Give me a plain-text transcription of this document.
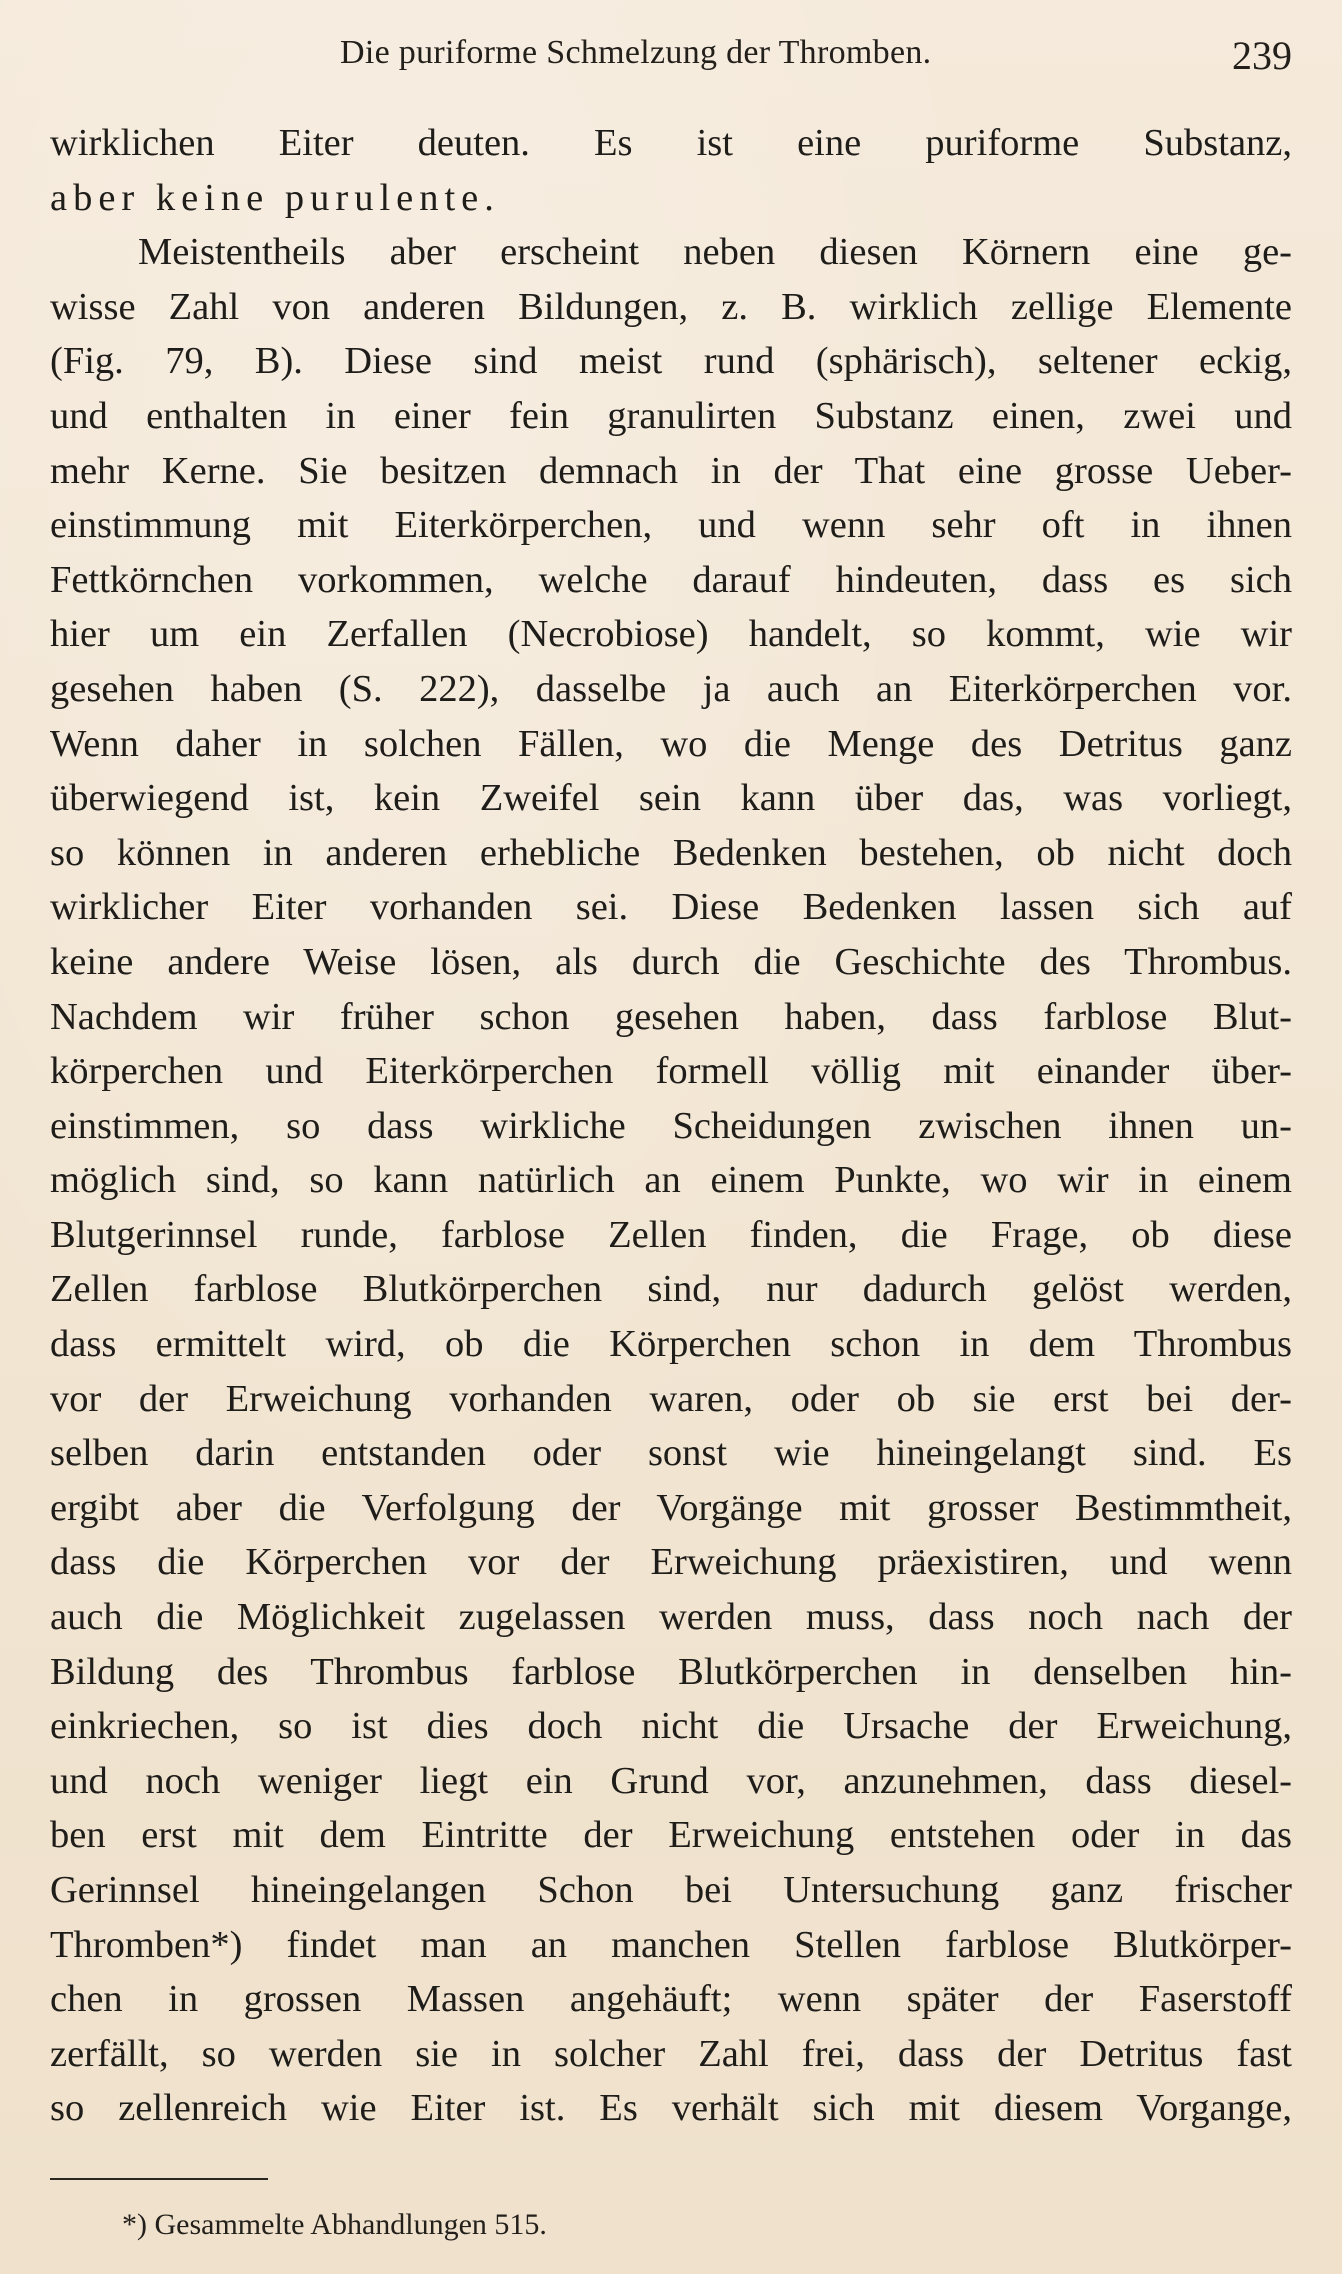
Die puriforme Schmelzung der Thromben.	239
wirklichen Eiter deuten. Es ist eine puriforme Substanz,
aber keine purulente.
Meistentheils aber erscheint neben diesen Körnern eine ge-
wisse Zahl von anderen Bildungen, z. B. wirklich zellige Elemente
(Fig. 79, B). Diese sind meist rund (sphärisch), seltener eckig,
und enthalten in einer fein granulirten Substanz einen, zwei und
mehr Kerne. Sie besitzen demnach in der That eine grosse Ueber-
einstimmung mit Eiterkörperchen, und wenn sehr oft in ihnen
Fettkörnchen vorkommen, welche darauf hindeuten, dass es sich
hier um ein Zerfallen (Necrobiose) handelt, so kommt, wie wir
gesehen haben (S. 222), dasselbe ja auch an Eiterkörperchen vor.
Wenn daher in solchen Fällen, wo die Menge des Detritus ganz
überwiegend ist, kein Zweifel sein kann über das, was vorliegt,
so können in anderen erhebliche Bedenken bestehen, ob nicht doch
wirklicher Eiter vorhanden sei. Diese Bedenken lassen sich auf
keine andere Weise lösen, als durch die Geschichte des Thrombus.
Nachdem wir früher schon gesehen haben, dass farblose Blut-
körperchen und Eiterkörperchen formell völlig mit einander über-
einstimmen, so dass wirkliche Scheidungen zwischen ihnen un-
möglich sind, so kann natürlich an einem Punkte, wo wir in einem
Blutgerinnsel runde, farblose Zellen finden, die Frage, ob diese
Zellen farblose Blutkörperchen sind, nur dadurch gelöst werden,
dass ermittelt wird, ob die Körperchen schon in dem Thrombus
vor der Erweichung vorhanden waren, oder ob sie erst bei der-
selben darin entstanden oder sonst wie hineingelangt sind. Es
ergibt aber die Verfolgung der Vorgänge mit grosser Bestimmtheit,
dass die Körperchen vor der Erweichung präexistiren, und wenn
auch die Möglichkeit zugelassen werden muss, dass noch nach der
Bildung des Thrombus farblose Blutkörperchen in denselben hin-
einkriechen, so ist dies doch nicht die Ursache der Erweichung,
und noch weniger liegt ein Grund vor, anzunehmen, dass diesel-
ben erst mit dem Eintritte der Erweichung entstehen oder in das
Gerinnsel hineingelangen Schon bei Untersuchung ganz frischer
Thromben*) findet man an manchen Stellen farblose Blutkörper-
chen in grossen Massen angehäuft; wenn später der Faserstoff
zerfällt, so werden sie in solcher Zahl frei, dass der Detritus fast
so zellenreich wie Eiter ist. Es verhält sich mit diesem Vorgange,
*) Gesammelte Abhandlungen 515.
